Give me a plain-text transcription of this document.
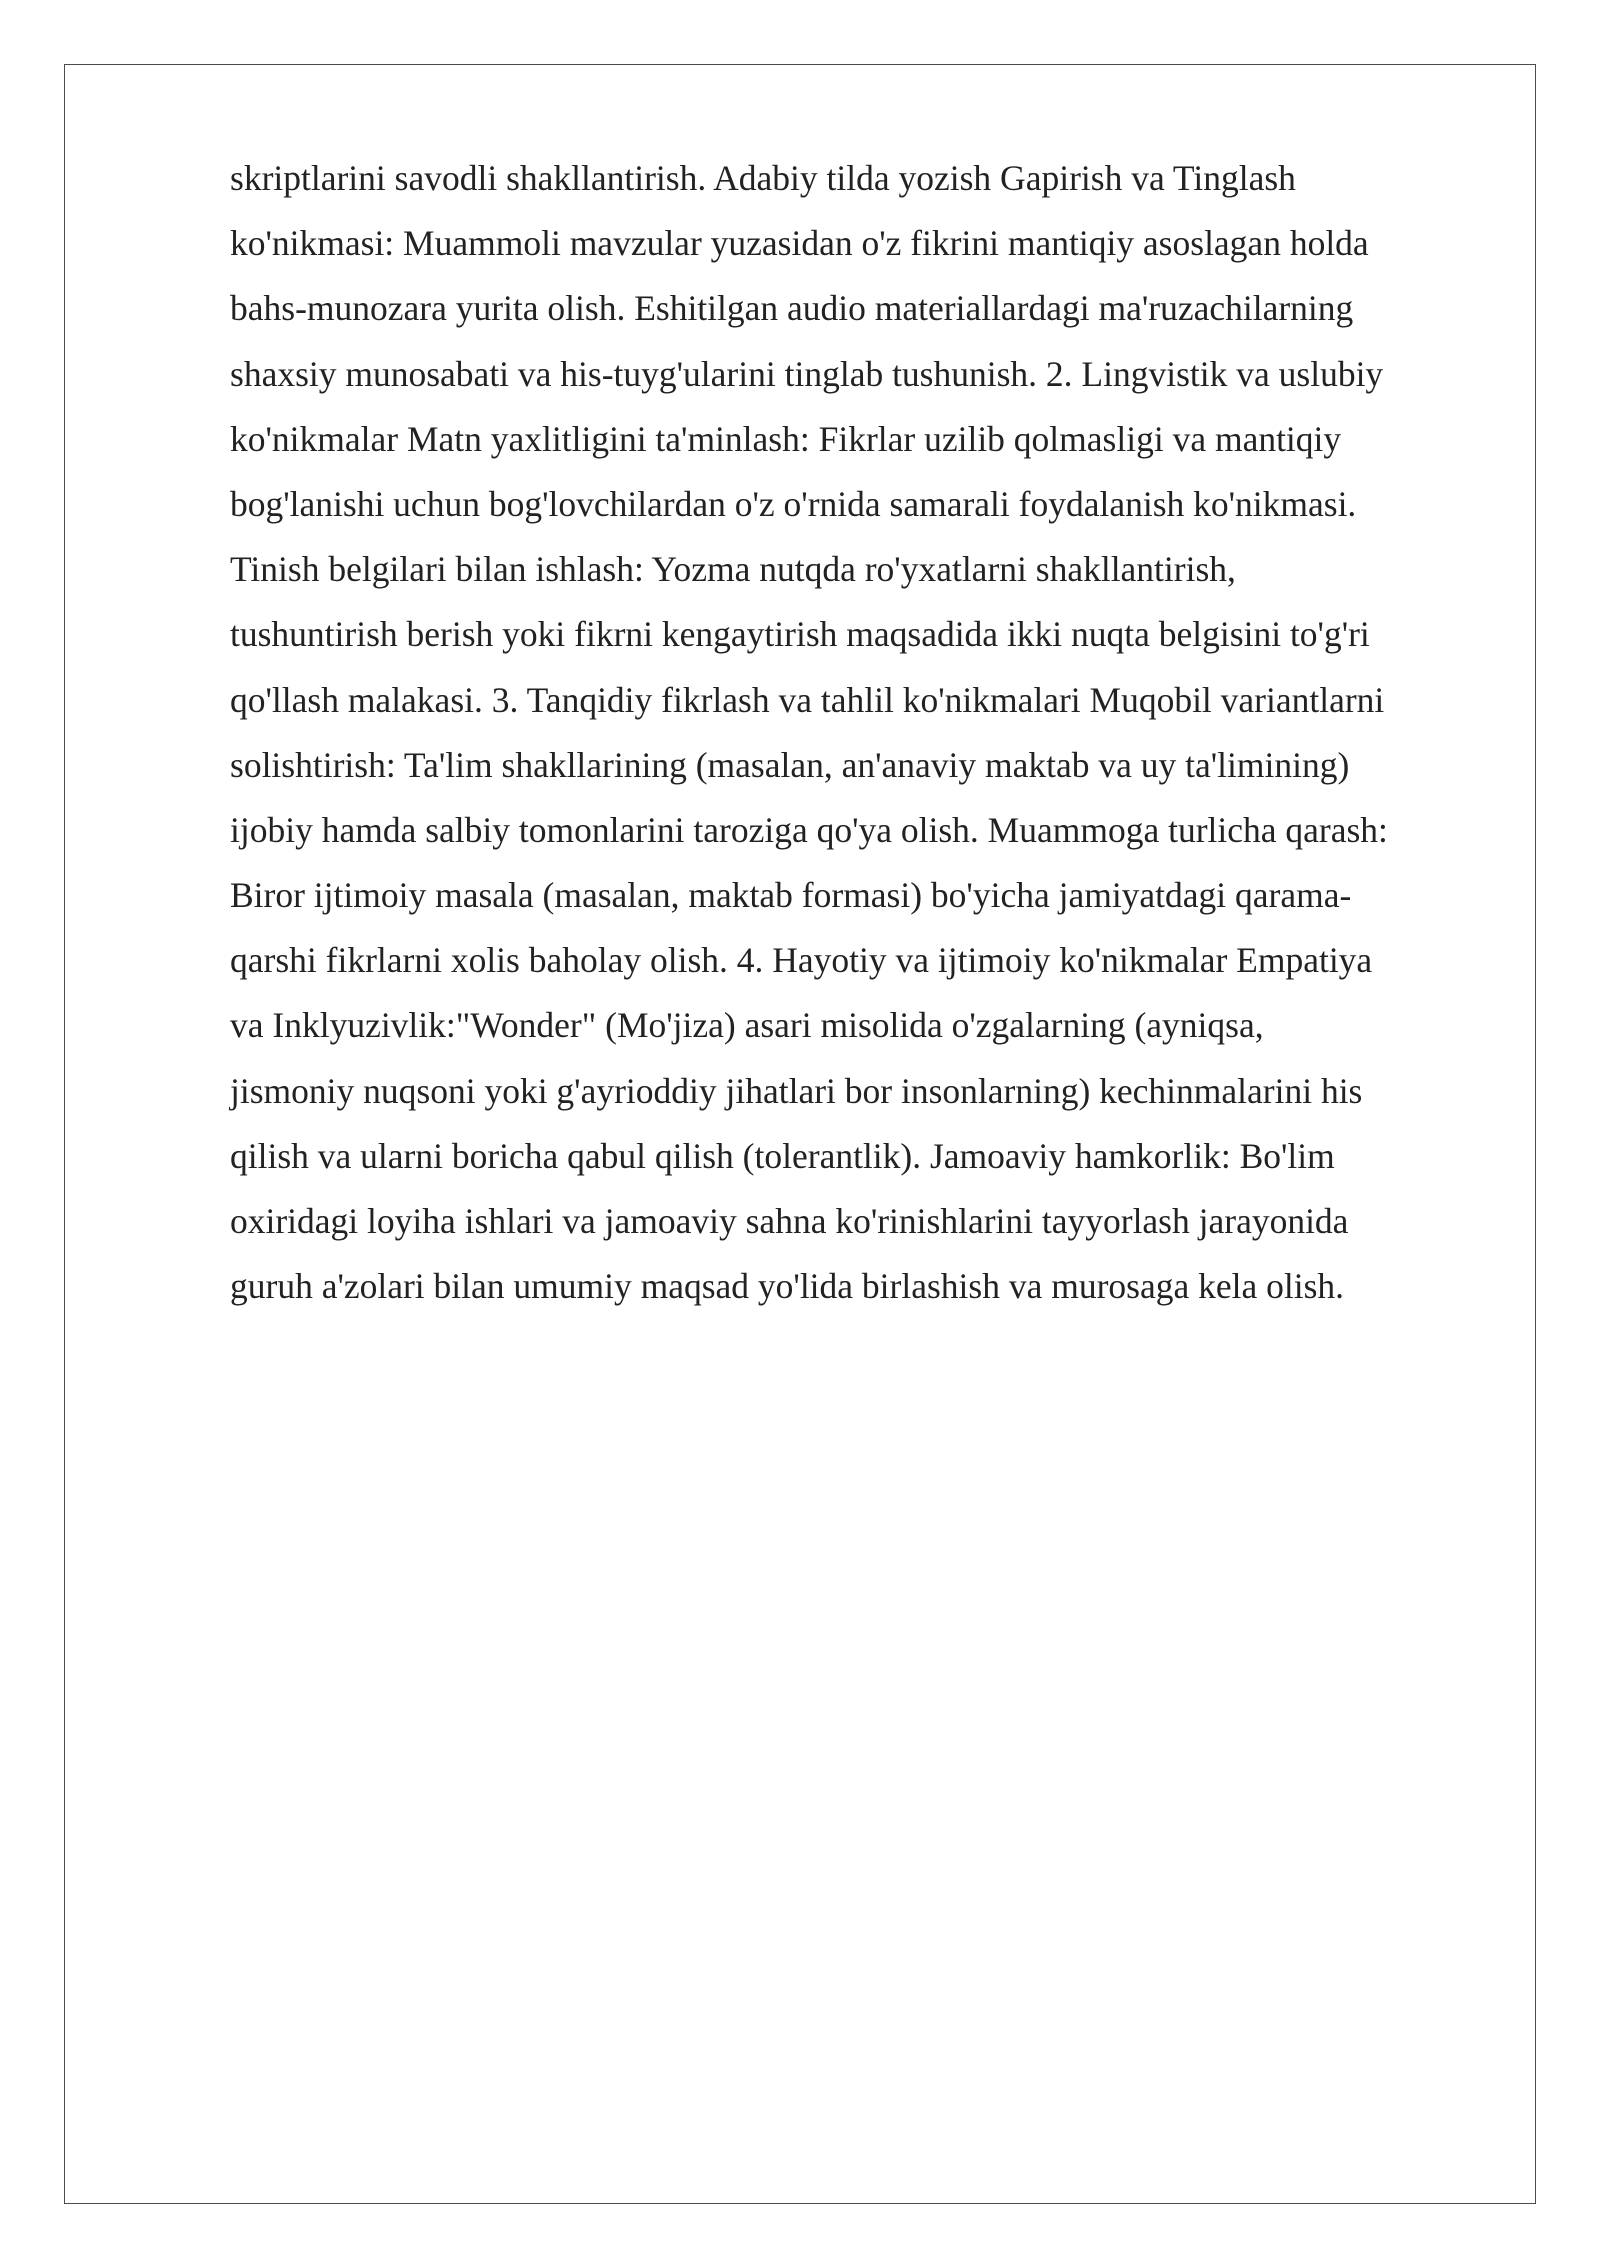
skriptlarini savodli shakllantirish. Adabiy tilda yozish Gapirish va Tinglash
ko'nikmasi: Muammoli mavzular yuzasidan o'z fikrini mantiqiy asoslagan holda
bahs-munozara yurita olish. Eshitilgan audio materiallardagi ma'ruzachilarning
shaxsiy munosabati va his-tuyg'ularini tinglab tushunish. 2. Lingvistik va uslubiy
ko'nikmalar Matn yaxlitligini ta'minlash: Fikrlar uzilib qolmasligi va mantiqiy
bog'lanishi uchun bog'lovchilardan o'z o'rnida samarali foydalanish ko'nikmasi.
Tinish belgilari bilan ishlash: Yozma nutqda ro'yxatlarni shakllantirish,
tushuntirish berish yoki fikrni kengaytirish maqsadida ikki nuqta belgisini to'g'ri
qo'llash malakasi. 3. Tanqidiy fikrlash va tahlil ko'nikmalari Muqobil variantlarni
solishtirish: Ta'lim shakllarining (masalan, an'anaviy maktab va uy ta'limining)
ijobiy hamda salbiy tomonlarini taroziga qo'ya olish. Muammoga turlicha qarash:
Biror ijtimoiy masala (masalan, maktab formasi) bo'yicha jamiyatdagi qarama-
qarshi fikrlarni xolis baholay olish. 4. Hayotiy va ijtimoiy ko'nikmalar Empatiya
va Inklyuzivlik:"Wonder" (Mo'jiza) asari misolida o'zgalarning (ayniqsa,
jismoniy nuqsoni yoki g'ayrioddiy jihatlari bor insonlarning) kechinmalarini his
qilish va ularni boricha qabul qilish (tolerantlik). Jamoaviy hamkorlik: Bo'lim
oxiridagi loyiha ishlari va jamoaviy sahna ko'rinishlarini tayyorlash jarayonida
guruh a'zolari bilan umumiy maqsad yo'lida birlashish va murosaga kela olish.
